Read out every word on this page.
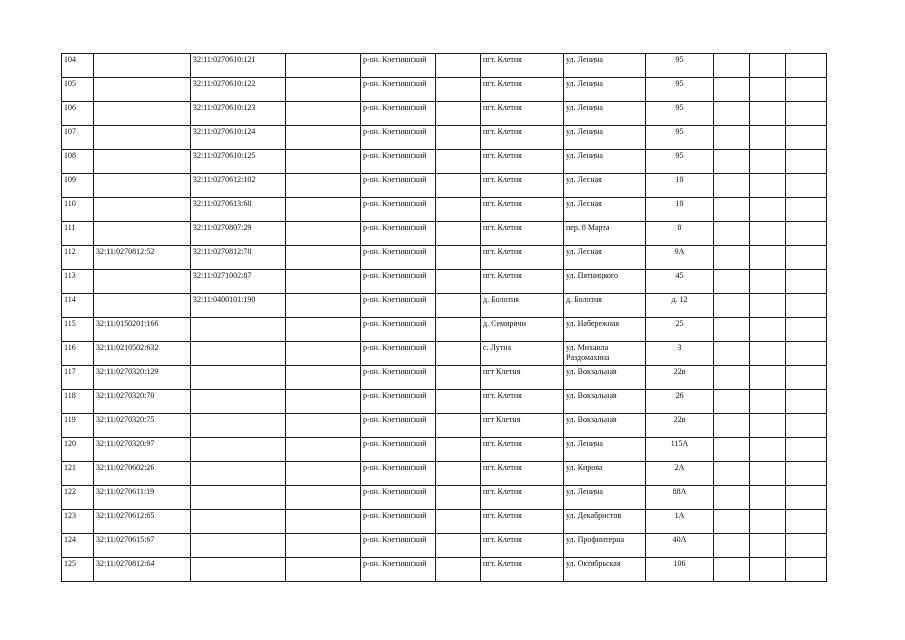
104		32:11:0270610:121		р-он. Клетнянский		пгт. Клетня	ул. Ленина	95			
105		32:11:0270610:122		р-он. Клетнянский		пгт. Клетня	ул. Ленина	95			
106		32:11:0270610:123		р-он. Клетнянский		пгт. Клетня	ул. Ленина	95			
107		32:11:0270610:124		р-он. Клетнянский		пгт. Клетня	ул. Ленина	95			
108		32:11:0270610:125		р-он. Клетнянский		пгт. Клетня	ул. Ленина	95			
109		32:11:0270612:102		р-он. Клетнянский		пгт. Клетня	ул. Лесная	10			
110		32:11:0270613:68		р-он. Клетнянский		пгт. Клетня	ул. Лесная	10			
111		32:11:0270807:29		р-он. Клетнянский		пгт. Клетня	пер. 8 Марта	8			
112	32:11:0270812:52	32:11:0270812:78		р-он. Клетнянский		пгт. Клетня	ул. Лесная	9А			
113		32:11:0271002:87		р-он. Клетнянский		пгт. Клетня	ул. Пятницкого	45			
114		32:11:0400101:190		р-он. Клетнянский		д. Болотня	д. Болотня	д. 12			
115	32:11:0150201:166			р-он. Клетнянский		д. Семиричи	ул. Набережная	25			
116	32:11:0210502:632			р-он. Клетнянский		с. Лутна	ул. Михаила Раздомахина	3			
117	32:11:0270320:129			р-он. Клетнянский		пгт Клетня	ул. Вокзальная	22в			
118	32:11:0270320:70			р-он. Клетнянский		пгт. Клетня	ул. Вокзальная	26			
119	32:11:0270320:75			р-он. Клетнянский		пгт Клетня	ул. Вокзальная	22в			
120	32:11:0270320:97			р-он. Клетнянский		пгт. Клетня	ул. Ленина	115А			
121	32:11:0270602:26			р-он. Клетнянский		пгт. Клетня	ул. Кирова	2А			
122	32:11:0270611:19			р-он. Клетнянский		пгт. Клетня	ул. Ленина	88А			
123	32:11:0270612:65			р-он. Клетнянский		пгт. Клетня	ул. Декабристов	1А			
124	32:11:0270615:67			р-он. Клетнянский		пгт. Клетня	ул. Профинтерна	40А			
125	32:11:0270812:64			р-он. Клетнянский		пгт. Клетня	ул. Октябрьская	106			
